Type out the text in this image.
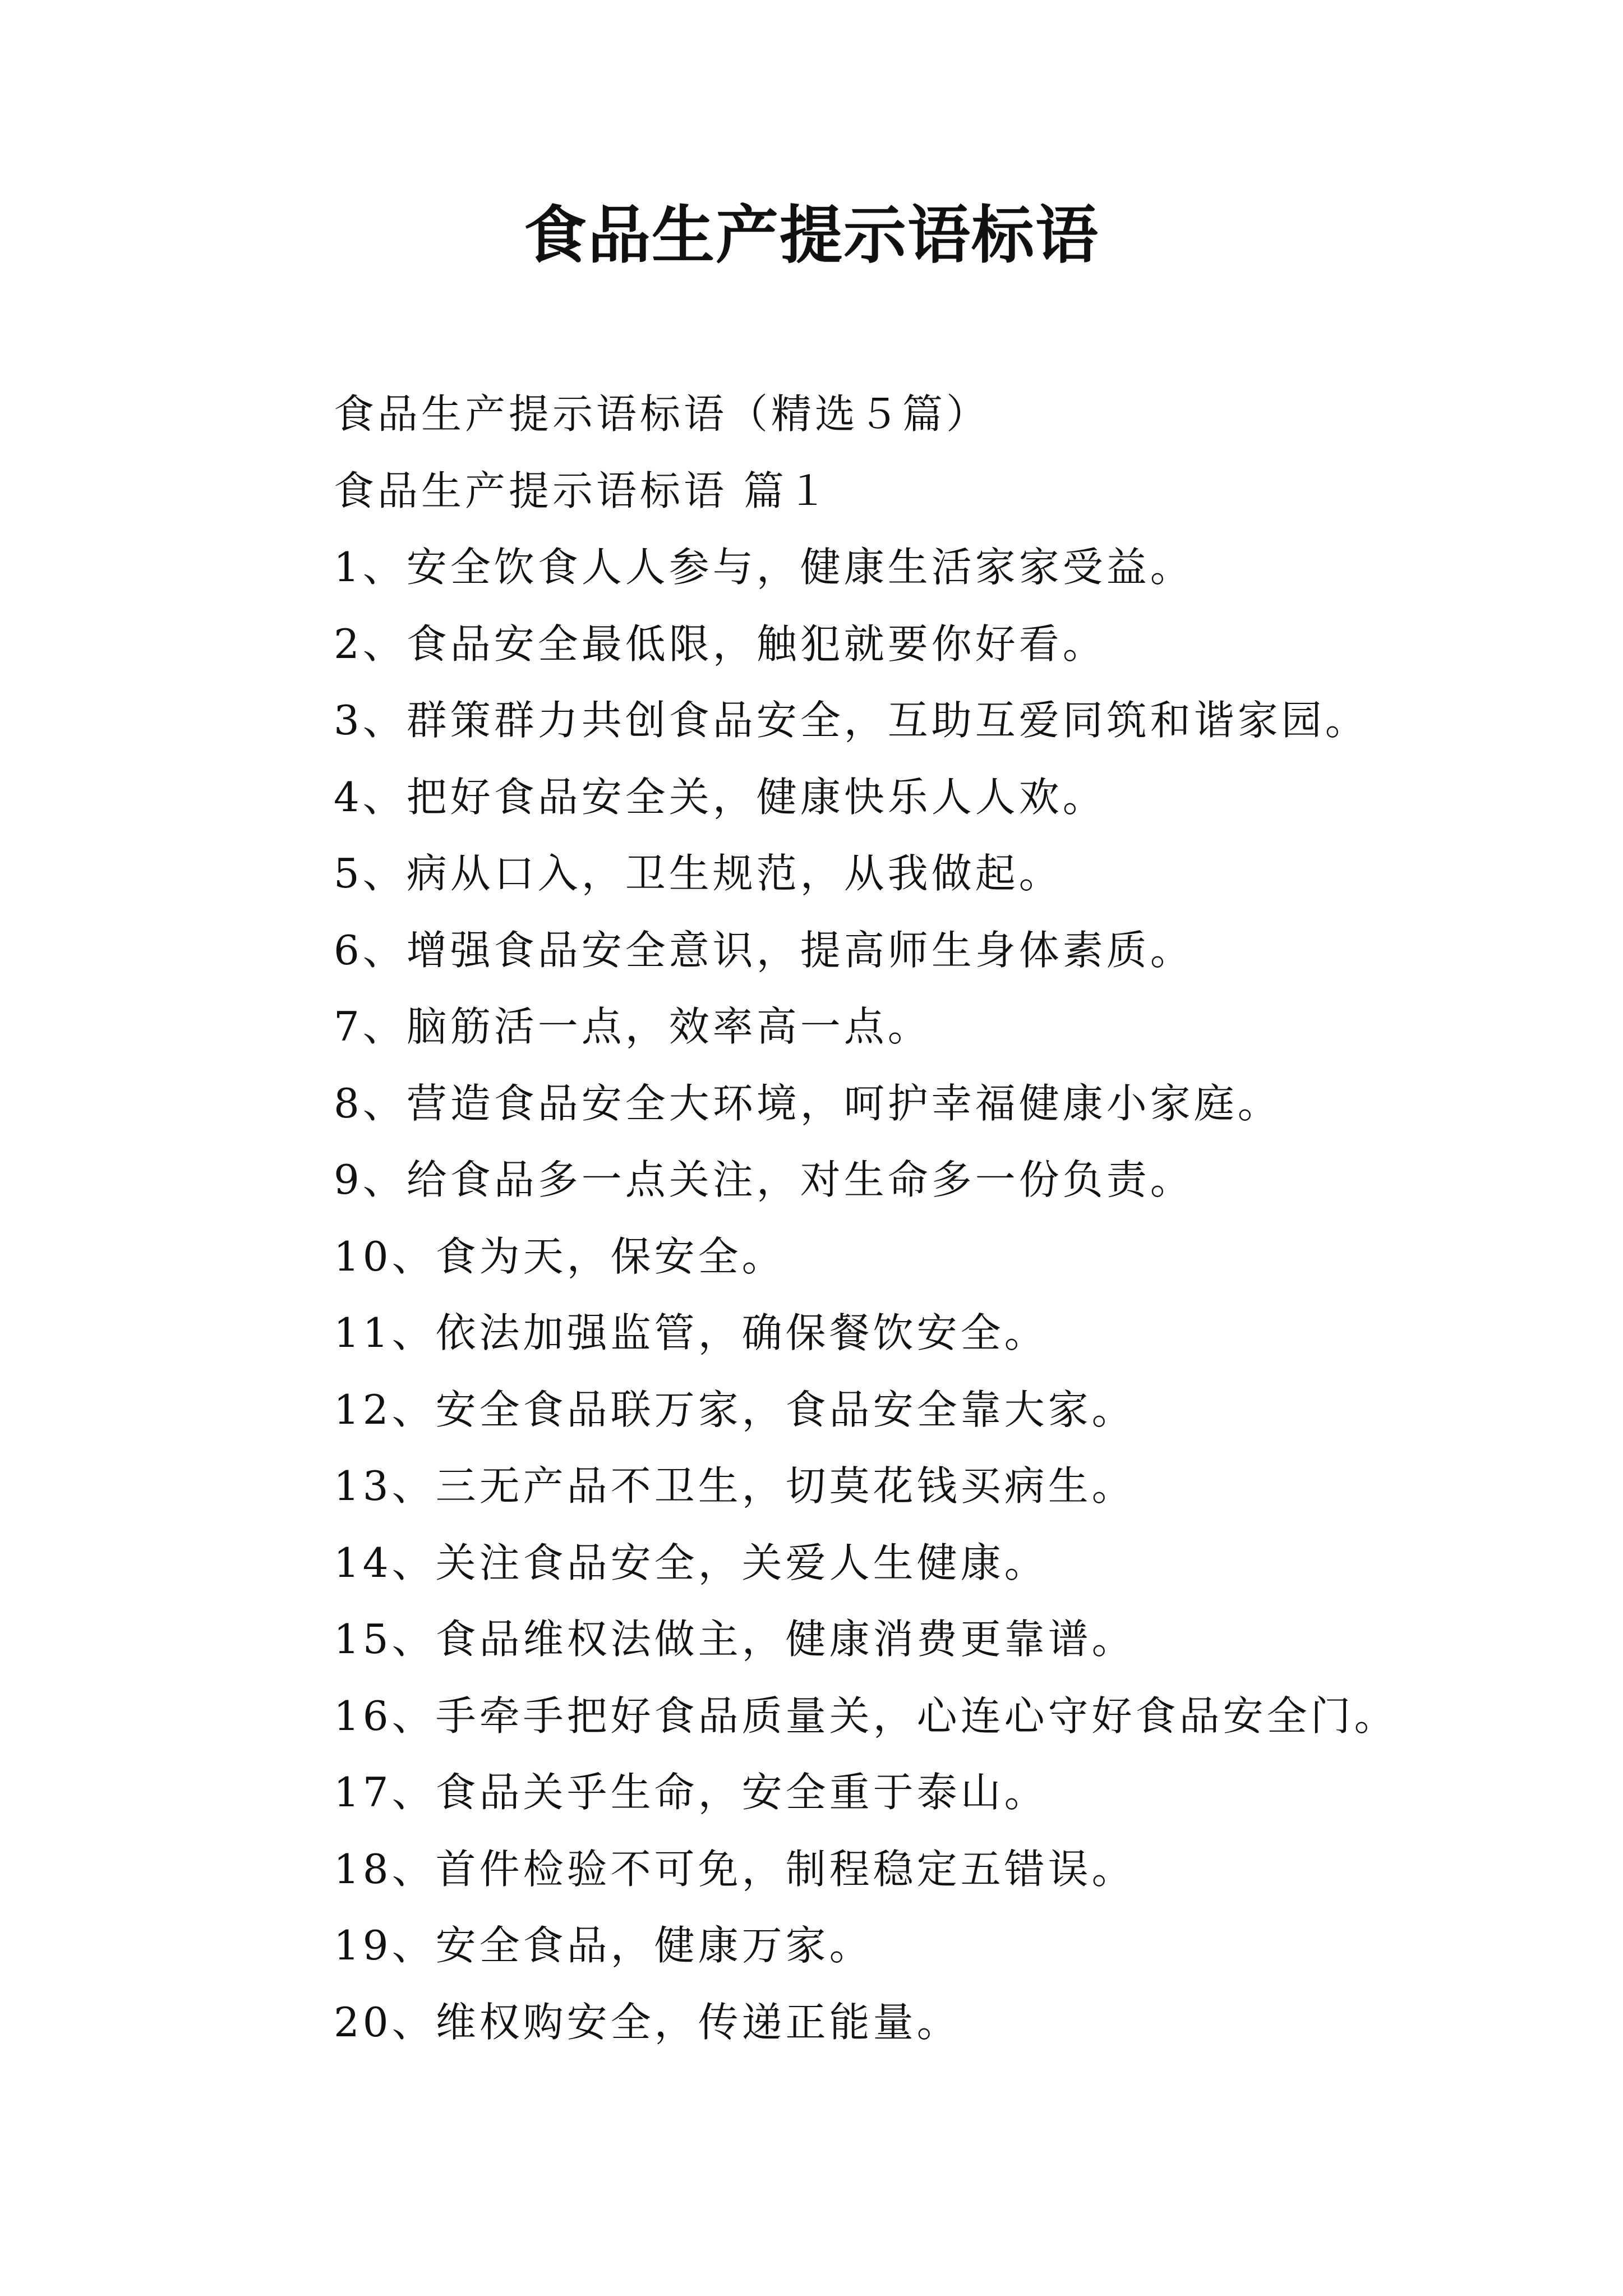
食品生产提示语标语
食品生产提示语标语（精选５篇）
食品生产提示语标语 篇１
1、安全饮食人人参与，健康生活家家受益。
2、食品安全最低限，触犯就要你好看。
3、群策群力共创食品安全，互助互爱同筑和谐家园。
4、把好食品安全关，健康快乐人人欢。
5、病从口入，卫生规范，从我做起。
6、增强食品安全意识，提高师生身体素质。
7、脑筋活一点，效率高一点。
8、营造食品安全大环境，呵护幸福健康小家庭。
9、给食品多一点关注，对生命多一份负责。
10、食为天，保安全。
11、依法加强监管，确保餐饮安全。
12、安全食品联万家，食品安全靠大家。
13、三无产品不卫生，切莫花钱买病生。
14、关注食品安全，关爱人生健康。
15、食品维权法做主，健康消费更靠谱。
16、手牵手把好食品质量关，心连心守好食品安全门。
17、食品关乎生命，安全重于泰山。
18、首件检验不可免，制程稳定五错误。
19、安全食品，健康万家。
20、维权购安全，传递正能量。
